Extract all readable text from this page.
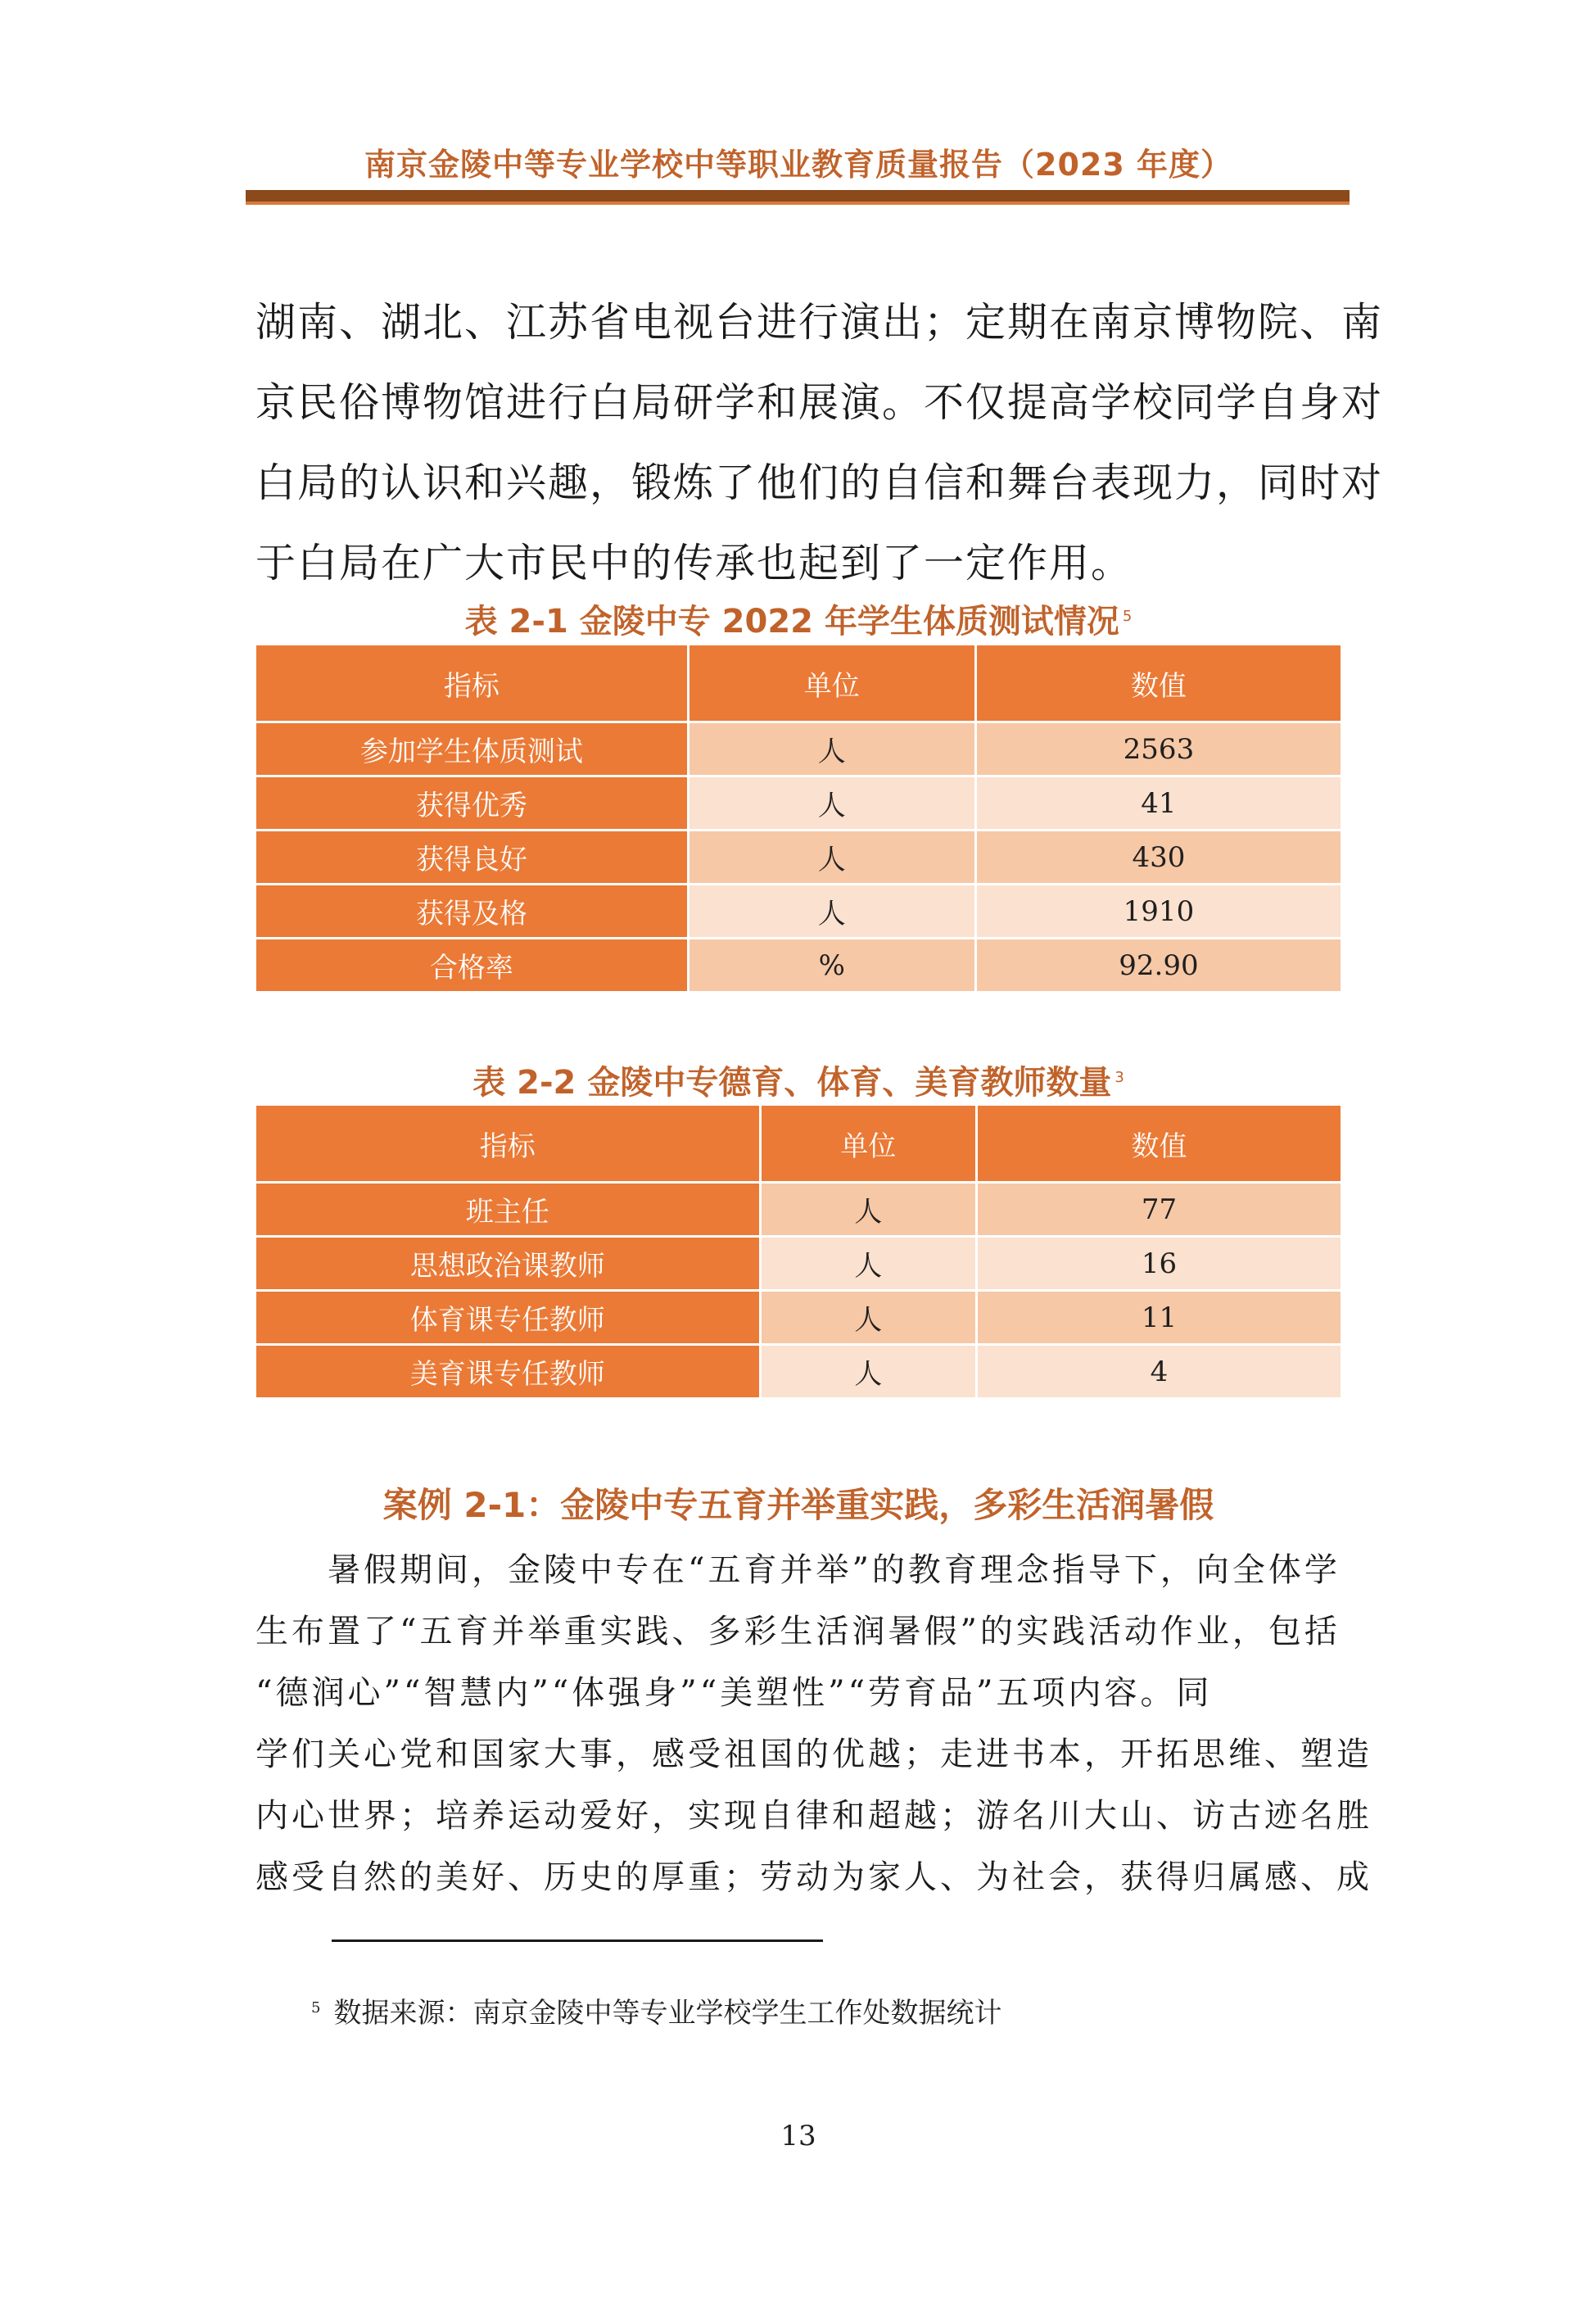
南京金陵中等专业学校中等职业教育质量报告（2023 年度）
湖南、湖北、江苏省电视台进行演出；定期在南京博物院、南
京民俗博物馆进行白局研学和展演。不仅提高学校同学自身对
白局的认识和兴趣，锻炼了他们的自信和舞台表现力，同时对
于白局在广大市民中的传承也起到了一定作用。
表 2-1 金陵中专 2022 年学生体质测试情况 $^5$
指标	单位	数值
参加学生体质测试	人	2563
获得优秀	人	41
获得良好	人	430
获得及格	人	1910
合格率	%	92.90
表 2-2 金陵中专德育、体育、美育教师数量 $^3$
指标	单位	数值
班主任	人	77
思想政治课教师	人	16
体育课专任教师	人	11
美育课专任教师	人	4
案例 2-1：金陵中专五育并举重实践，多彩生活润暑假
　　暑假期间，金陵中专在“五育并举”的教育理念指导下，向全体学
生布置了“五育并举重实践、多彩生活润暑假”的实践活动作业，包括
“德润心”“智慧内”“体强身”“美塑性”“劳育品”五项内容。同
学们关心党和国家大事，感受祖国的优越；走进书本，开拓思维、塑造
内心世界；培养运动爱好，实现自律和超越；游名川大山、访古迹名胜
感受自然的美好、历史的厚重；劳动为家人、为社会，获得归属感、成
$^5$ 数据来源：南京金陵中等专业学校学生工作处数据统计
13
